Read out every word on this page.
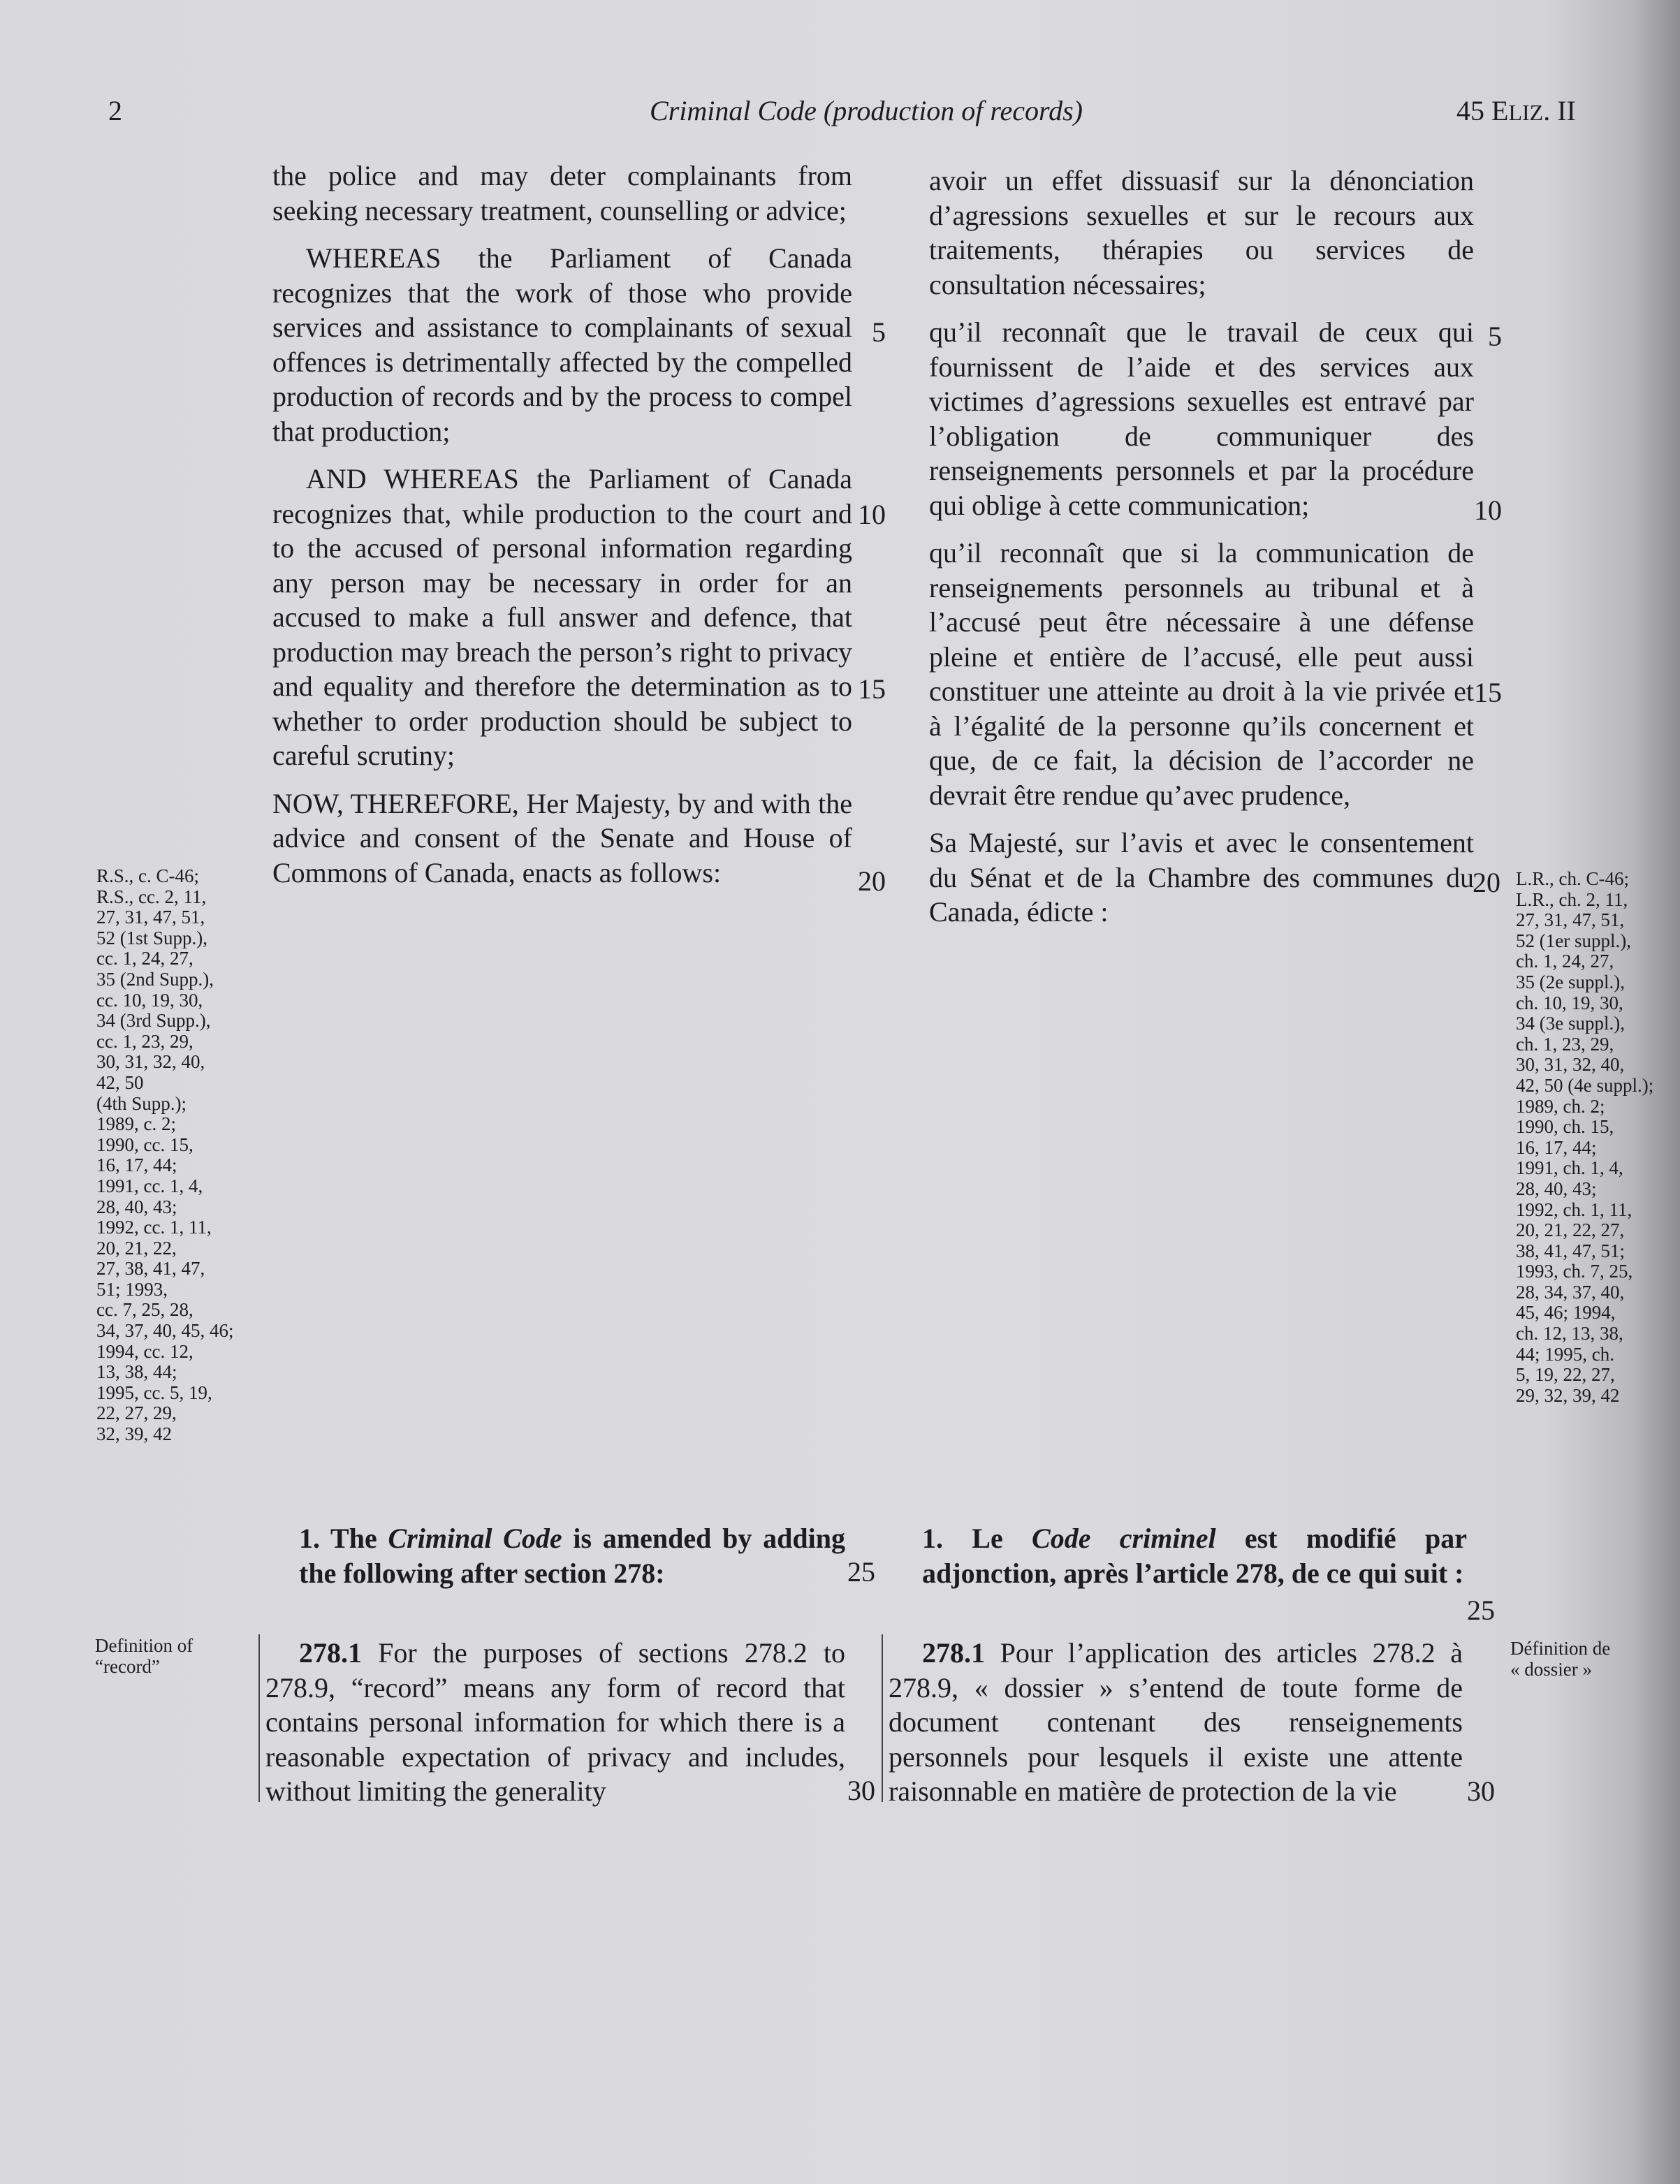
2	Criminal Code (production of records)	45 ELIZ. II

the police and may deter complainants from seeking necessary treatment, counselling or advice;

WHEREAS the Parliament of Canada recognizes that the work of those who provide services and assistance to complainants of sexual offences is detrimentally affected by the compelled production of records and by the process to compel that production;

AND WHEREAS the Parliament of Canada recognizes that, while production to the court and to the accused of personal information regarding any person may be necessary in order for an accused to make a full answer and defence, that production may breach the person’s right to privacy and equality and therefore the determination as to whether to order production should be subject to careful scrutiny;

NOW, THEREFORE, Her Majesty, by and with the advice and consent of the Senate and House of Commons of Canada, enacts as follows:

avoir un effet dissuasif sur la dénonciation d’agressions sexuelles et sur le recours aux traitements, thérapies ou services de consultation nécessaires;

qu’il reconnaît que le travail de ceux qui fournissent de l’aide et des services aux victimes d’agressions sexuelles est entravé par l’obligation de communiquer des renseignements personnels et par la procédure qui oblige à cette communication;

qu’il reconnaît que si la communication de renseignements personnels au tribunal et à l’accusé peut être nécessaire à une défense pleine et entière de l’accusé, elle peut aussi constituer une atteinte au droit à la vie privée et à l’égalité de la personne qu’ils concernent et que, de ce fait, la décision de l’accorder ne devrait être rendue qu’avec prudence,

Sa Majesté, sur l’avis et avec le consentement du Sénat et de la Chambre des communes du Canada, édicte :

5
10
15
20
25
30
5
10
15
20
25
30
R.S., c. C-46;
R.S., cc. 2, 11,
27, 31, 47, 51,
52 (1st Supp.),
cc. 1, 24, 27,
35 (2nd Supp.),
cc. 10, 19, 30,
34 (3rd Supp.),
cc. 1, 23, 29,
30, 31, 32, 40,
42, 50
(4th Supp.);
1989, c. 2;
1990, cc. 15,
16, 17, 44;
1991, cc. 1, 4,
28, 40, 43;
1992, cc. 1, 11,
20, 21, 22,
27, 38, 41, 47,
51; 1993,
cc. 7, 25, 28,
34, 37, 40, 45, 46;
1994, cc. 12,
13, 38, 44;
1995, cc. 5, 19,
22, 27, 29,
32, 39, 42
L.R., ch. C-46;
L.R., ch. 2, 11,
27, 31, 47, 51,
52 (1er suppl.),
ch. 1, 24, 27,
35 (2e suppl.),
ch. 10, 19, 30,
34 (3e suppl.),
ch. 1, 23, 29,
30, 31, 32, 40,
42, 50 (4e suppl.);
1989, ch. 2;
1990, ch. 15,
16, 17, 44;
1991, ch. 1, 4,
28, 40, 43;
1992, ch. 1, 11,
20, 21, 22, 27,
38, 41, 47, 51;
1993, ch. 7, 25,
28, 34, 37, 40,
45, 46; 1994,
ch. 12, 13, 38,
44; 1995, ch.
5, 19, 22, 27,
29, 32, 39, 42
1. The Criminal Code is amended by adding the following after section 278:
1. Le Code criminel est modifié par adjonction, après l’article 278, de ce qui suit :
Definition of
“record”
Définition de
« dossier »
278.1 For the purposes of sections 278.2 to 278.9, “record” means any form of record that contains personal information for which there is a reasonable expectation of privacy and includes, without limiting the generality
278.1 Pour l’application des articles 278.2 à 278.9, « dossier » s’entend de toute forme de document contenant des renseignements personnels pour lesquels il existe une attente raisonnable en matière de protection de la vie
